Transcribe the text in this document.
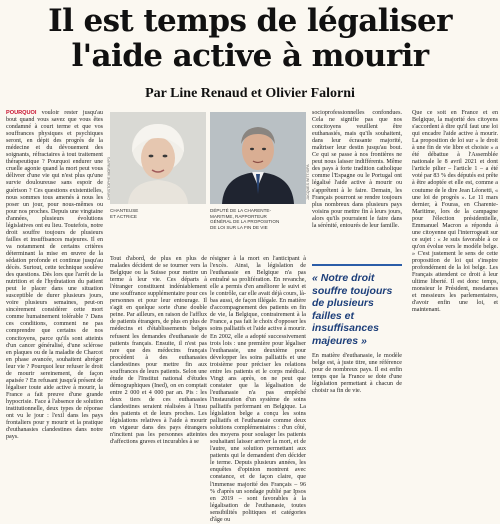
Il est temps de légaliser
l'aide active à mourir
Par Line Renaud et Olivier Falorni
POURQUOI vouloir rester jusqu'au bout quand vous savez que vous êtes condamné à court terme et que vos souffrances physiques et psychiques seront, en dépit des progrès de la médecine et du dévouement des soignants, réfractaires à tout traitement thérapeutique ? Pourquoi endurer une cruelle agonie quand la mort peut vous délivrer d'une vie qui n'est plus qu'une survie douloureuse sans espoir de guérison ? Ces questions existentielles, nous sommes tous amenés à nous les poser un jour, pour nous-mêmes ou pour nos proches. Depuis une vingtaine d'années, plusieurs évolutions législatives ont eu lieu. Toutefois, notre droit souffre toujours de plusieurs failles et insuffisances majeures. Il en va notamment de certains critères déterminant la mise en œuvre de la sédation profonde et continue jusqu'au décès. Surtout, cette technique soulève des questions. Dès lors que l'arrêt de la nutrition et de l'hydratation du patient peut le placer dans une situation susceptible de durer plusieurs jours, voire plusieurs semaines, peut-on sincèrement considérer cette mort comme humainement tolérable ? Dans ces conditions, comment ne pas comprendre que certains de nos concitoyens, parce qu'ils sont atteints d'un cancer généralisé, d'une sclérose en plaques ou de la maladie de Charcot en phase avancée, souhaitent abréger leur vie ? Pourquoi leur refuser le droit de mourir sereinement, de façon apaisée ? En refusant jusqu'à présent de légaliser toute aide active à mourir, la France a fait preuve d'une grande hypocrisie. Face à l'absence de solution institutionnelle, deux types de réponse ont vu le jour : l'exil dans les pays frontaliers pour y mourir et la pratique d'euthanasies clandestines dans notre pays.
CHRISTOPHE MORIN/IP3	JACQUES WITT/SIPA
CHANTEUSE
ET ACTRICE
DÉPUTÉ DE LA CHARENTE-
MARITIME, RAPPORTEUR
GÉNÉRAL DE LA PROPOSITION
DE LOI SUR LA FIN DE VIE
Tout d'abord, de plus en plus de malades décident de se tourner vers la Belgique ou la Suisse pour mettre un terme à leur vie. Ces départs à l'étranger constituent indéniablement une souffrance supplémentaire pour ces personnes et pour leur entourage. Il s'agit en quelque sorte d'une double peine. Par ailleurs, en raison de l'afflux de patients étrangers, de plus en plus de médecins et d'établissements belges refusent les demandes d'euthanasie de patients français. Ensuite, il n'est pas rare que des médecins français procèdent à des euthanasies clandestines pour mettre fin aux souffrances de leurs patients. Selon une étude de l'Institut national d'études démographiques (Ined), on en comptait entre 2 000 et 4 000 par an. Pis : les deux tiers de ces euthanasies clandestines seraient réalisées à l'insu des patients et de leurs proches. Les législations relatives à l'aide à mourir en vigueur dans des pays étrangers n'incitent pas les personnes atteintes d'affections graves et incurables à se
résigner à la mort en l'anticipant à l'excès. Ainsi, la législation de l'euthanasie en Belgique n'a pas entraîné sa prolifération. En revanche, elle a permis d'en améliorer le suivi et le contrôle, car elle avait déjà cours, là-bas aussi, de façon illégale. En matière d'accompagnement des patients en fin de vie, la Belgique, contrairement à la France, a pas fait le choix d'opposer les soins palliatifs et l'aide active à mourir. En 2002, elle a adopté successivement trois lois : une première pour légaliser l'euthanasie, une deuxième pour développer les soins palliatifs et une troisième pour préciser les relations entre les patients et le corps médical. Vingt ans après, on ne peut que constater que la légalisation de l'euthanasie n'a pas empêché l'instauration d'un système de soins palliatifs performant en Belgique. La législation belge a conçu les soins palliatifs et l'euthanasie comme deux solutions complémentaires : d'un côté, des moyens pour soulager les patients souhaitant laisser arriver la mort, et de l'autre, une solution permettant aux patients qui le demandent d'en décider le terme. Depuis plusieurs années, les enquêtes d'opinion montrent avec constance, et de façon claire, que l'immense majorité des Français – 96 % d'après un sondage publié par Ipsos en 2019 – sont favorables à la légalisation de l'euthanasie, toutes sensibilités politiques et catégories d'âge ou
socioprofessionnelles confondues. Cela ne signifie pas que nos concitoyens veuillent être euthanasiés, mais qu'ils souhaitent, dans leur écrasante majorité, maîtriser leur destin jusqu'au bout. Ce qui se passe à nos frontières ne peut nous laisser indifférents. Même des pays à forte tradition catholique comme l'Espagne ou le Portugal ont légalisé l'aide active à mourir ou s'apprêtent à le faire. Demain, les Français pourront se rendre toujours plus nombreux dans plusieurs pays voisins pour mettre fin à leurs jours, alors qu'ils pourraient le faire dans la sérénité, entourés de leur famille.
« Notre droit souffre toujours de plusieurs failles et insuffisances majeures »
En matière d'euthanasie, le modèle belge est, à juste titre, une référence pour de nombreux pays. Il est enfin temps que la France se dote d'une législation permettant à chacun de choisir sa fin de vie.
Que ce soit en France et en Belgique, la majorité des citoyens s'accordent à dire qu'il faut une loi qui encadre l'aide active à mourir. La proposition de loi sur « le droit à une fin de vie libre et choisie » a été débattue à l'Assemblée nationale le 8 avril 2021 et dont l'article pilier – l'article 1 – a été voté par 83 % des députés est prête à être adoptée et elle est, comme a coutume de le dire Jean Léonetti, « une loi de progrès ». Le 11 mars dernier, à Fouras, en Charente-Maritime, lors de la campagne pour l'élection présidentielle, Emmanuel Macron a répondu à une citoyenne qui l'interrogeait sur ce sujet : « Je suis favorable à ce qu'on évolue vers le modèle belge. » C'est justement le sens de cette proposition de loi qui s'inspire profondément de la loi belge. Les Français attendent ce droit à leur ultime liberté. Il est donc temps, monsieur le Président, mesdames et messieurs les parlementaires, d'avoir enfin une loi, et maintenant.
